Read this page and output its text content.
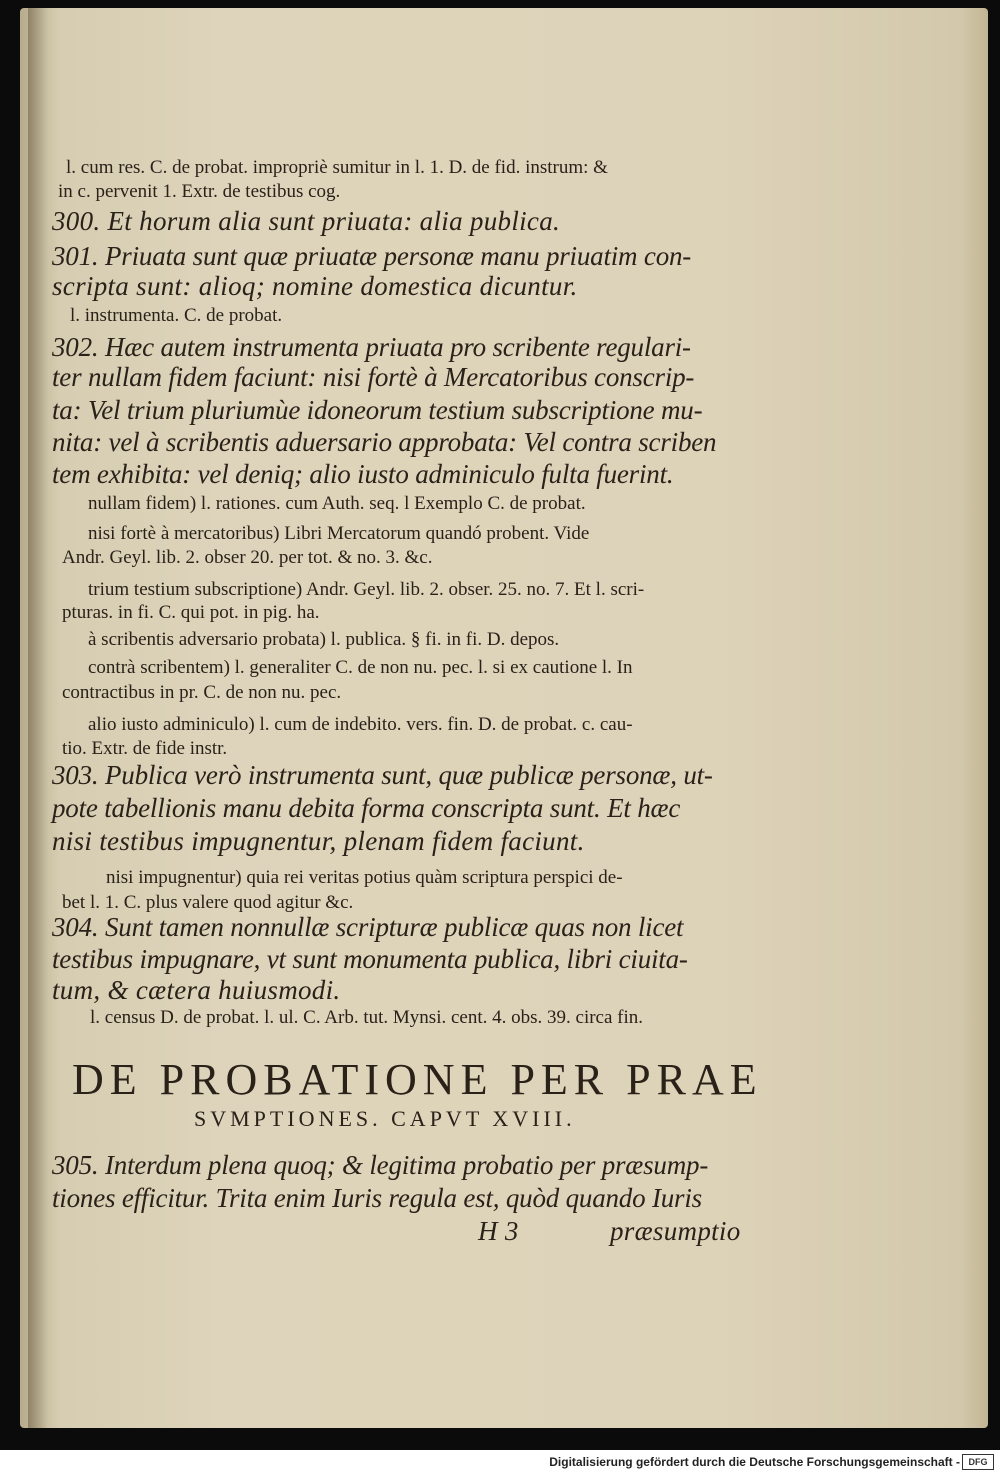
l. cum res. C. de probat. impropriè sumitur in l. 1. D. de fid. instrum: &
in c. pervenit 1. Extr. de testibus cog.
300. Et horum alia sunt priuata: alia publica.
301. Priuata sunt quæ priuatæ personæ manu priuatim con-
scripta sunt: alioq; nomine domestica dicuntur.
l. instrumenta. C. de probat.
302. Hæc autem instrumenta priuata pro scribente regulari-
ter nullam fidem faciunt: nisi fortè à Mercatoribus conscrip-
ta: Vel trium pluriumùe idoneorum testium subscriptione mu-
nita: vel à scribentis aduersario approbata: Vel contra scriben
tem exhibita: vel deniq; alio iusto adminiculo fulta fuerint.
nullam fidem) l. rationes. cum Auth. seq. l Exemplo C. de probat.
nisi fortè à mercatoribus) Libri Mercatorum quandó probent. Vide
Andr. Geyl. lib. 2. obser 20. per tot. & no. 3. &c.
trium testium subscriptione) Andr. Geyl. lib. 2. obser. 25. no. 7. Et l. scri-
pturas. in fi. C. qui pot. in pig. ha.
à scribentis adversario probata) l. publica. § fi. in fi. D. depos.
contrà scribentem) l. generaliter C. de non nu. pec. l. si ex cautione l. In
contractibus in pr. C. de non nu. pec.
alio iusto adminiculo) l. cum de indebito. vers. fin. D. de probat. c. cau-
tio. Extr. de fide instr.
303. Publica verò instrumenta sunt, quæ publicæ personæ, ut-
pote tabellionis manu debita forma conscripta sunt. Et hæc
nisi testibus impugnentur, plenam fidem faciunt.
nisi impugnentur) quia rei veritas potius quàm scriptura perspici de-
bet l. 1. C. plus valere quod agitur &c.
304. Sunt tamen nonnullæ scripturæ publicæ quas non licet
testibus impugnare, vt sunt monumenta publica, libri ciuita-
tum, & cætera huiusmodi.
l. census D. de probat. l. ul. C. Arb. tut. Mynsi. cent. 4. obs. 39. circa fin.
DE PROBATIONE PER PRAE
SVMPTIONES. CAPVT XVIII.
305. Interdum plena quoq; & legitima probatio per præsump-
tiones efficitur. Trita enim Iuris regula est, quòd quando Iuris
H 3	præsumptio
Digitalisierung gefördert durch die Deutsche Forschungsgemeinschaft - DFG
